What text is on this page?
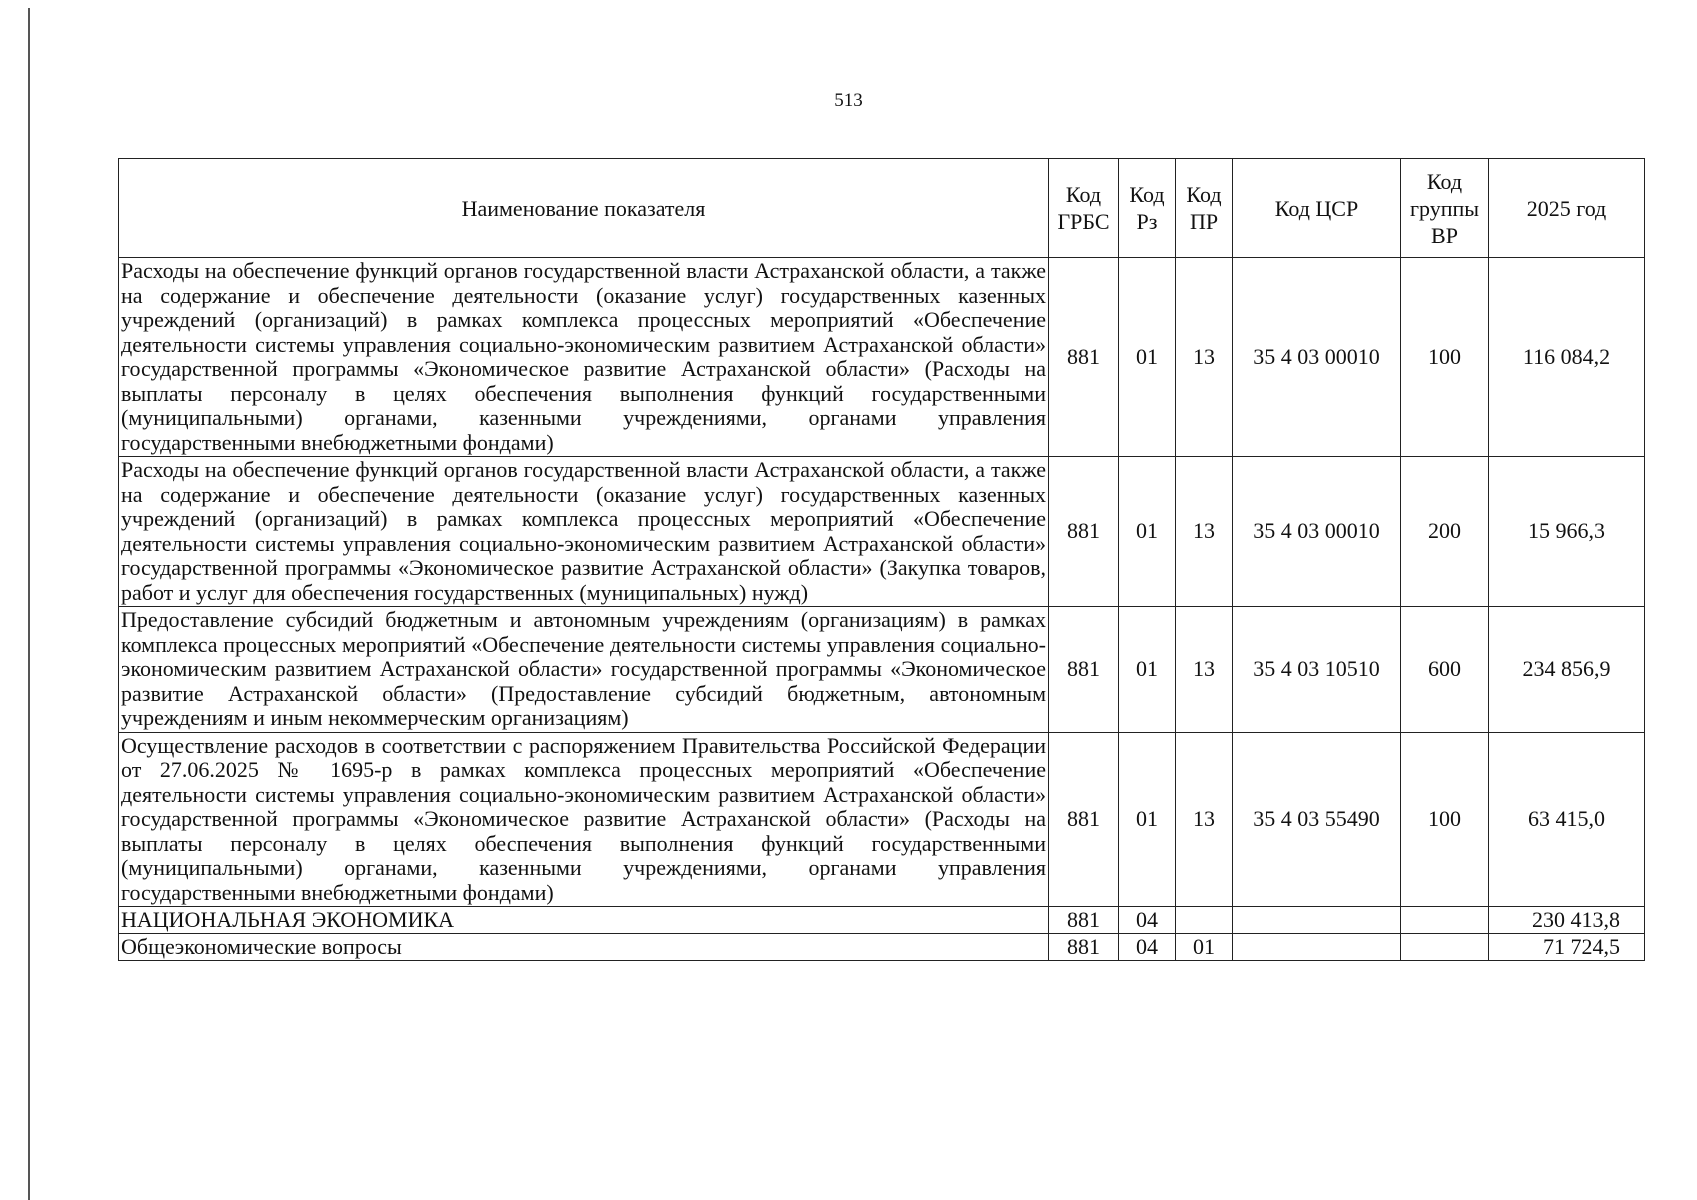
513
Наименование показателя	Код ГРБС	Код Рз	Код ПР	Код ЦСР	Код группы ВР	2025 год
Расходы на обеспечение функций органов государственной власти Астраханской области, а также на содержание и обеспечение деятельности (оказание услуг) государственных казенных учреждений (организаций) в рамках комплекса процессных мероприятий «Обеспечение деятельности системы управления социально-экономическим развитием Астраханской области» государственной программы «Экономическое развитие Астраханской области» (Расходы на выплаты персоналу в целях обеспечения выполнения функций государственными (муниципальными) органами, казенными учреждениями, органами управления государственными внебюджетными фондами)	881	01	13	35 4 03 00010	100	116 084,2
Расходы на обеспечение функций органов государственной власти Астраханской области, а также на содержание и обеспечение деятельности (оказание услуг) государственных казенных учреждений (организаций) в рамках комплекса процессных мероприятий «Обеспечение деятельности системы управления социально-экономическим развитием Астраханской области» государственной программы «Экономическое развитие Астраханской области» (Закупка товаров, работ и услуг для обеспечения государственных (муниципальных) нужд)	881	01	13	35 4 03 00010	200	15 966,3
Предоставление субсидий бюджетным и автономным учреждениям (организациям) в рамках комплекса процессных мероприятий «Обеспечение деятельности системы управления социально-экономическим развитием Астраханской области» государственной программы «Экономическое развитие Астраханской области» (Предоставление субсидий бюджетным, автономным учреждениям и иным некоммерческим организациям)	881	01	13	35 4 03 10510	600	234 856,9
Осуществление расходов в соответствии с распоряжением Правительства Российской Федерации от 27.06.2025 № 1695-р в рамках комплекса процессных мероприятий «Обеспечение деятельности системы управления социально-экономическим развитием Астраханской области» государственной программы «Экономическое развитие Астраханской области» (Расходы на выплаты персоналу в целях обеспечения выполнения функций государственными (муниципальными) органами, казенными учреждениями, органами управления государственными внебюджетными фондами)	881	01	13	35 4 03 55490	100	63 415,0
НАЦИОНАЛЬНАЯ ЭКОНОМИКА	881	04				230 413,8
Общеэкономические вопросы	881	04	01			71 724,5
